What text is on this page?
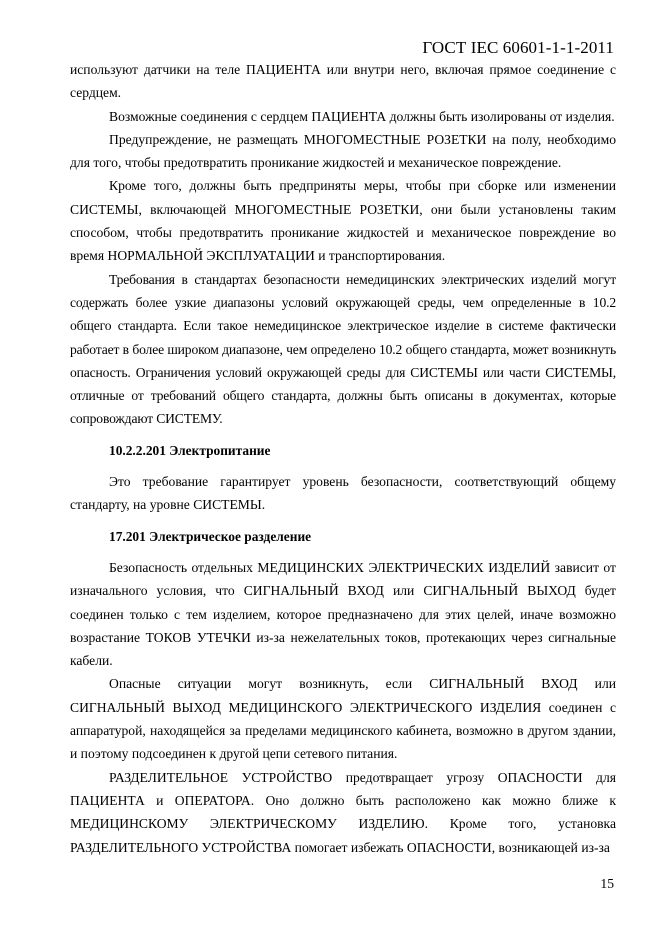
ГОСТ IEC 60601-1-1-2011

используют датчики на теле ПАЦИЕНТА или внутри него, включая прямое соединение с сердцем.

Возможные соединения с сердцем ПАЦИЕНТА должны быть изолированы от изделия.

Предупреждение, не размещать МНОГОМЕСТНЫЕ РОЗЕТКИ на полу, необходимо для того, чтобы предотвратить проникание жидкостей и механическое повреждение.

Кроме того, должны быть предприняты меры, чтобы при сборке или изменении СИСТЕМЫ, включающей МНОГОМЕСТНЫЕ РОЗЕТКИ, они были установлены таким способом, чтобы предотвратить проникание жидкостей и механическое повреждение во время НОРМАЛЬНОЙ ЭКСПЛУАТАЦИИ и транспортирования.

Требования в стандартах безопасности немедицинских электрических изделий могут содержать более узкие диапазоны условий окружающей среды, чем определенные в 10.2 общего стандарта. Если такое немедицинское электрическое изделие в системе фактически работает в более широком диапазоне, чем определено 10.2 общего стандарта, может возникнуть опасность. Ограничения условий окружающей среды для СИСТЕМЫ или части СИСТЕМЫ, отличные от требований общего стандарта, должны быть описаны в документах, которые сопровождают СИСТЕМУ.

10.2.2.201 Электропитание

Это требование гарантирует уровень безопасности, соответствующий общему стандарту, на уровне СИСТЕМЫ.

17.201 Электрическое разделение

Безопасность отдельных МЕДИЦИНСКИХ ЭЛЕКТРИЧЕСКИХ ИЗДЕЛИЙ зависит от изначального условия, что СИГНАЛЬНЫЙ ВХОД или СИГНАЛЬНЫЙ ВЫХОД будет соединен только с тем изделием, которое предназначено для этих целей, иначе возможно возрастание ТОКОВ УТЕЧКИ из-за нежелательных токов, протекающих через сигнальные кабели.

Опасные ситуации могут возникнуть, если СИГНАЛЬНЫЙ ВХОД или СИГНАЛЬНЫЙ ВЫХОД МЕДИЦИНСКОГО ЭЛЕКТРИЧЕСКОГО ИЗДЕЛИЯ соединен с аппаратурой, находящейся за пределами медицинского кабинета, возможно в другом здании, и поэтому подсоединен к другой цепи сетевого питания.

РАЗДЕЛИТЕЛЬНОЕ УСТРОЙСТВО предотвращает угрозу ОПАСНОСТИ для ПАЦИЕНТА и ОПЕРАТОРА. Оно должно быть расположено как можно ближе к МЕДИЦИНСКОМУ ЭЛЕКТРИЧЕСКОМУ ИЗДЕЛИЮ. Кроме того, установка РАЗДЕЛИТЕЛЬНОГО УСТРОЙСТВА помогает избежать ОПАСНОСТИ, возникающей из-за

15
